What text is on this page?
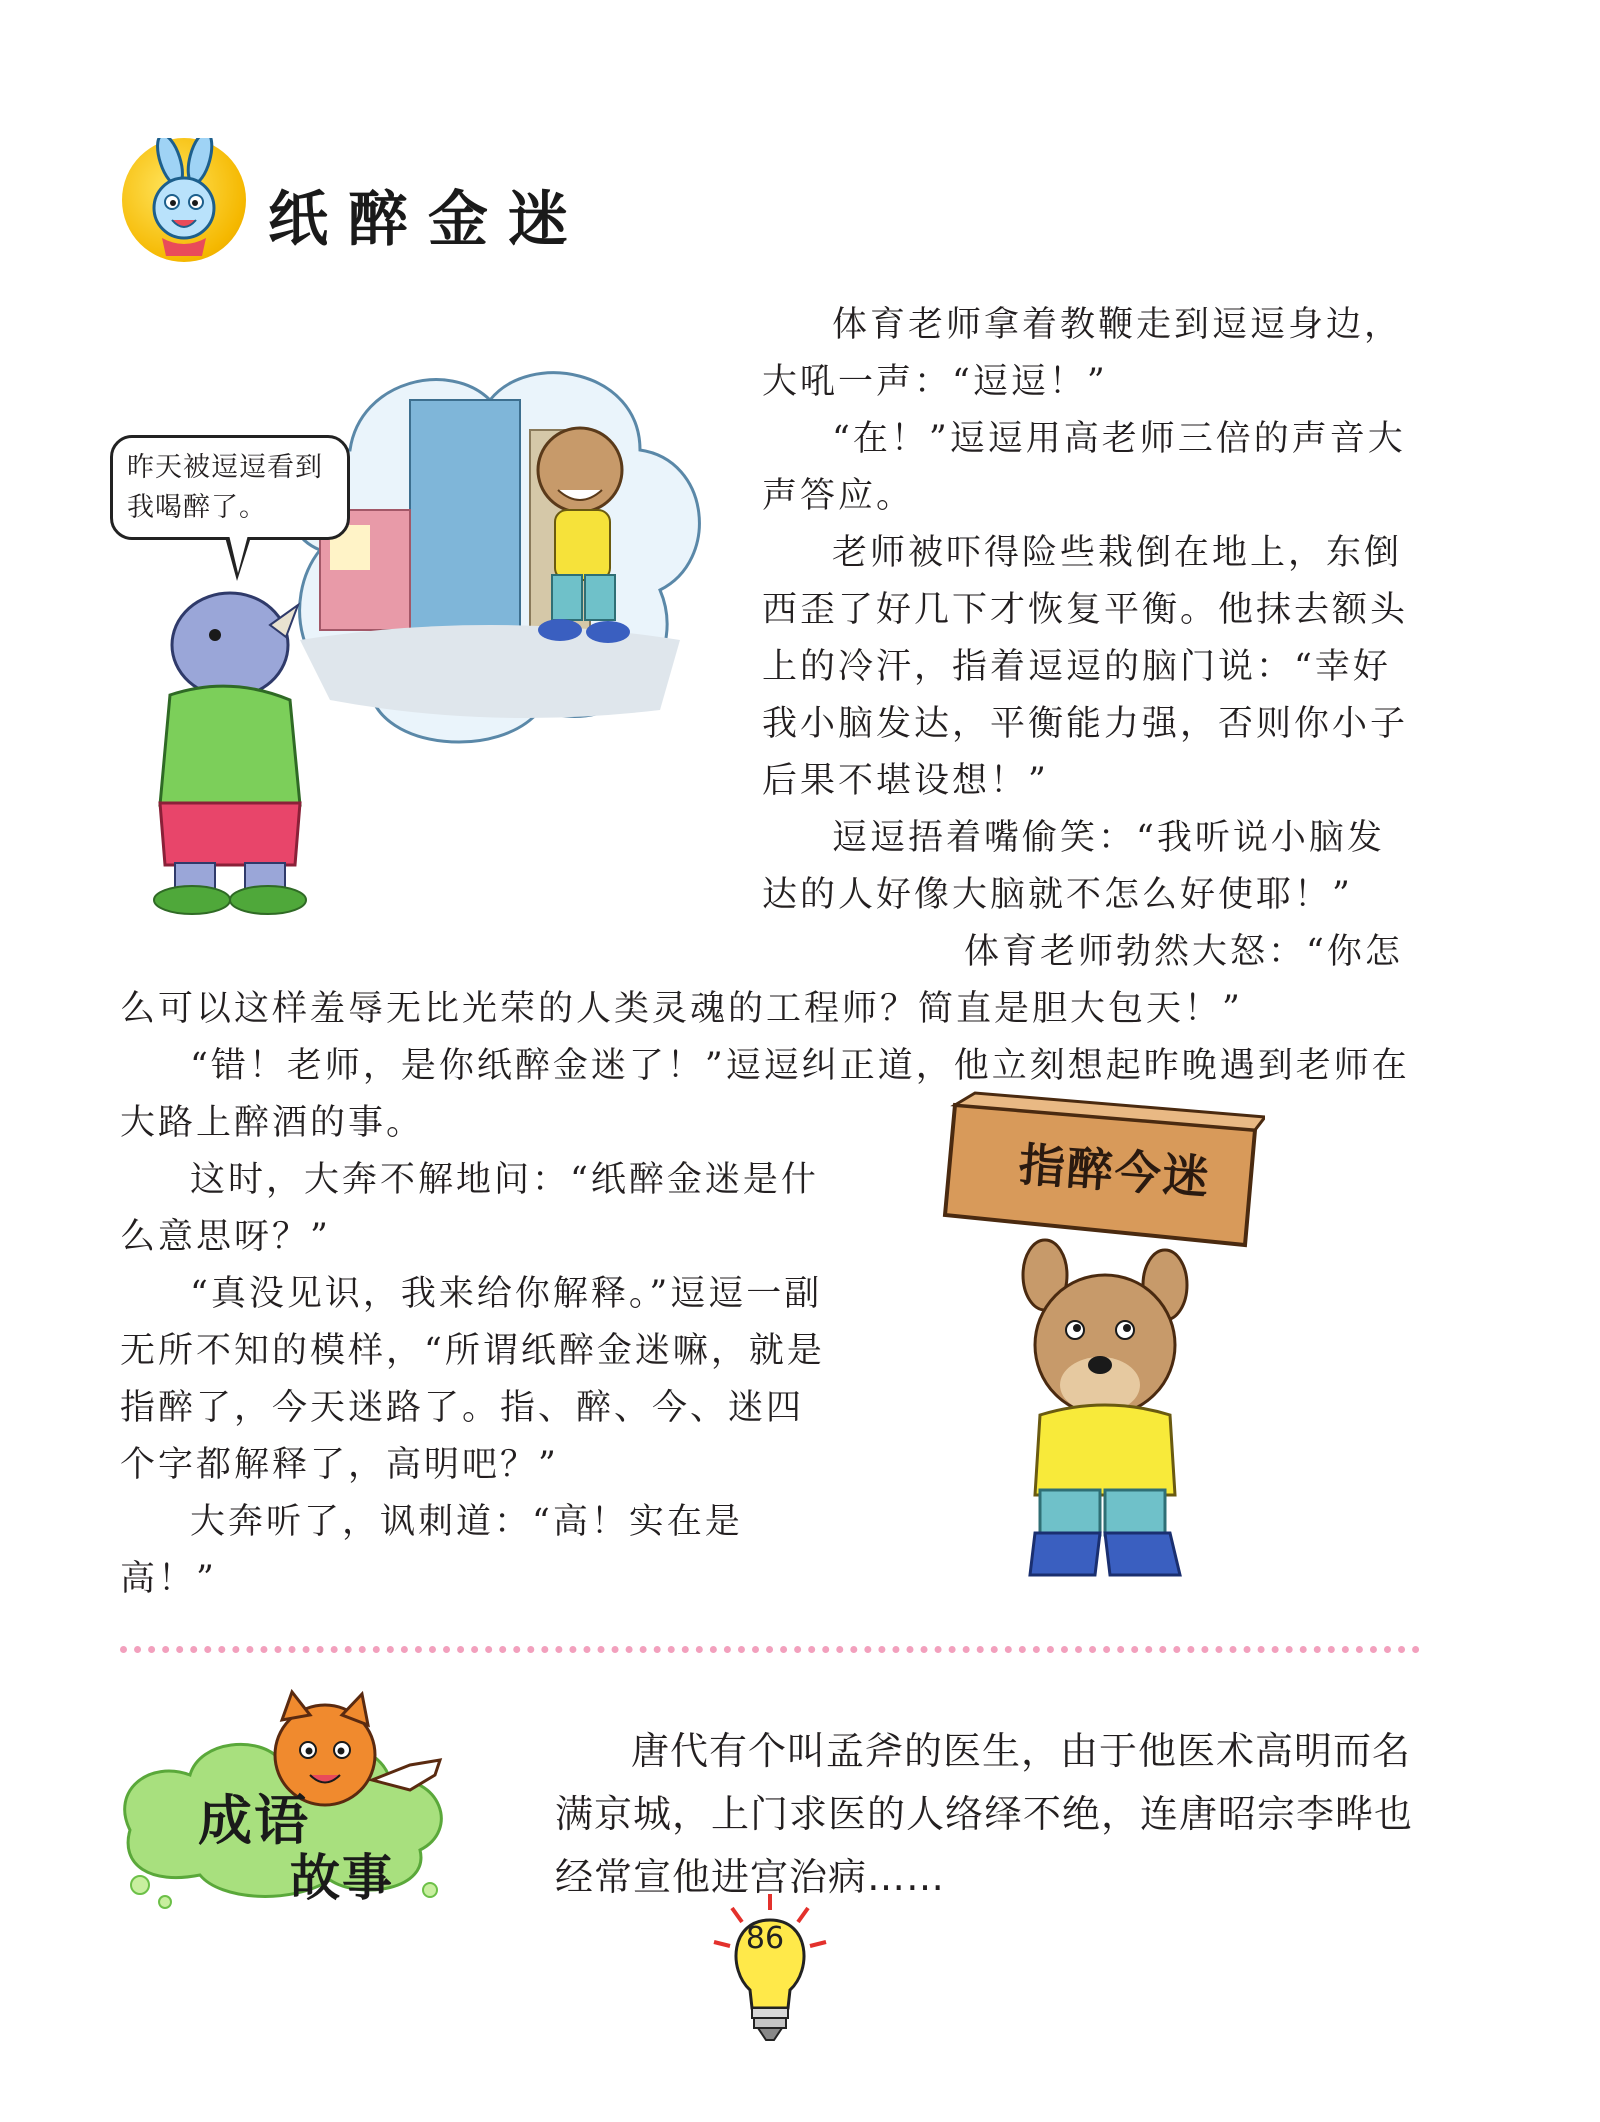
纸醉金迷
昨天被逗逗看到我喝醉了。

体育老师拿着教鞭走到逗逗身边，大吼一声：“逗逗！”

“在！”逗逗用高老师三倍的声音大声答应。

老师被吓得险些栽倒在地上，东倒西歪了好几下才恢复平衡。他抹去额头上的冷汗，指着逗逗的脑门说：“幸好我小脑发达，平衡能力强，否则你小子后果不堪设想！”

逗逗捂着嘴偷笑：“我听说小脑发达的人好像大脑就不怎么好使耶！”

体育老师勃然大怒：“你怎么可以这样羞辱无比光荣的人类灵魂的工程师？简直是胆大包天！”

“错！老师，是你纸醉金迷了！”逗逗纠正道，他立刻想起昨晚遇到老师在大路上醉酒的事。

这时，大奔不解地问：“纸醉金迷是什么意思呀？”

“真没见识，我来给你解释。”逗逗一副无所不知的模样，“所谓纸醉金迷嘛，就是指醉了，今天迷路了。指、醉、今、迷四个字都解释了，高明吧？”

大奔听了，讽刺道：“高！实在是高！”

指醉今迷
成语
故事

唐代有个叫孟斧的医生，由于他医术高明而名满京城，上门求医的人络绎不绝，连唐昭宗李晔也经常宣他进宫治病……

86
